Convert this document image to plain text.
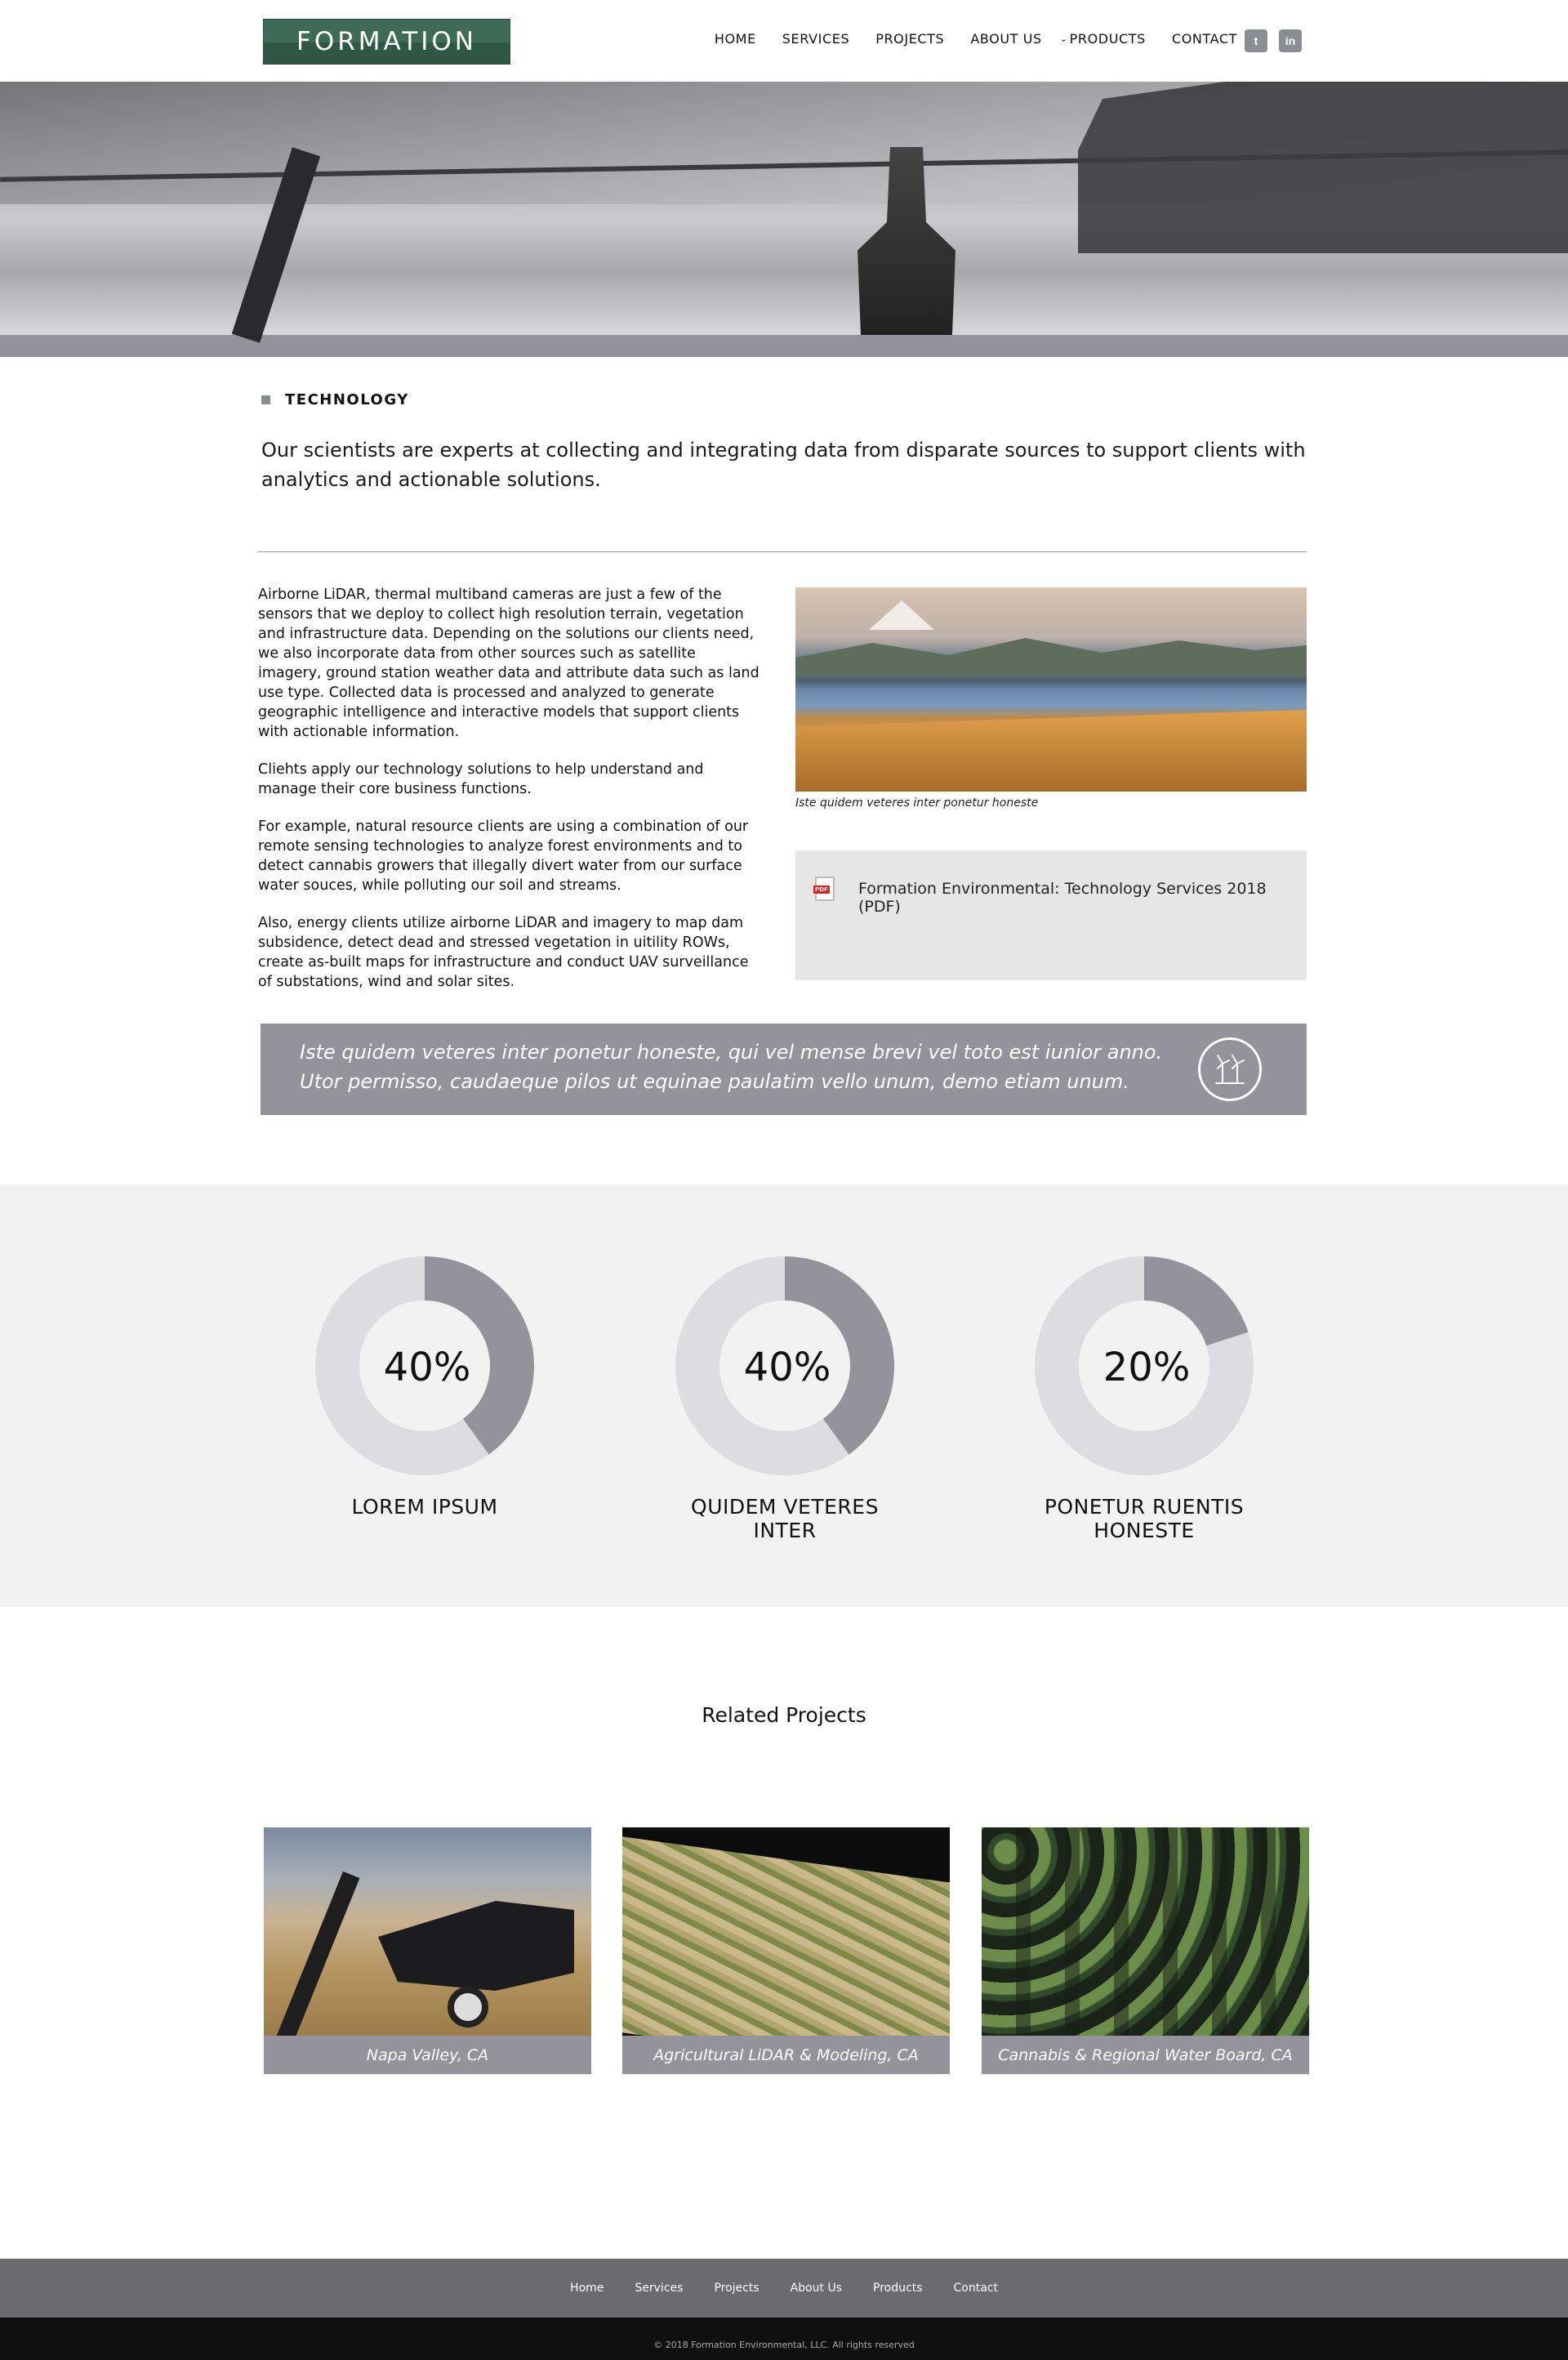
FORMATION	HOME SERVICES PROJECTS ABOUT US ⌄ PRODUCTS CONTACT	t	in
TECHNOLOGY
Our scientists are experts at collecting and integrating data from disparate sources to support clients with analytics and actionable solutions.

Airborne LiDAR, thermal multiband cameras are just a few of the sensors that we deploy to collect high resolution terrain, vegetation and infrastructure data. Depending on the solutions our clients need, we also incorporate data from other sources such as satellite imagery, ground station weather data and attribute data such as land use type. Collected data is processed and analyzed to generate geographic intelligence and interactive models that support clients with actionable information.

Cliehts apply our technology solutions to help understand and manage their core business functions.

For example, natural resource clients are using a combination of our remote sensing technologies to analyze forest environments and to detect cannabis growers that illegally divert water from our surface water souces, while polluting our soil and streams.

Also, energy clients utilize airborne LiDAR and imagery to map dam subsidence, detect dead and stressed vegetation in uitility ROWs, create as-built maps for infrastructure and conduct UAV surveillance of substations, wind and solar sites.

Iste quidem veteres inter ponetur honeste
PDF
Formation Environmental: Technology Services 2018 (PDF)

Iste quidem veteres inter ponetur honeste, qui vel mense brevi vel toto est iunior anno.
Utor permisso, caudaeque pilos ut equinae paulatim vello unum, demo etiam unum.

40%
LOREM IPSUM
40%
QUIDEM VETERES
INTER
20%
PONETUR RUENTIS
HONESTE
Related Projects
Napa Valley, CA	Agricultural LiDAR & Modeling, CA	Cannabis & Regional Water Board, CA
Home	Services	Projects	About Us	Products	Contact
© 2018 Formation Environmental, LLC. All rights reserved
